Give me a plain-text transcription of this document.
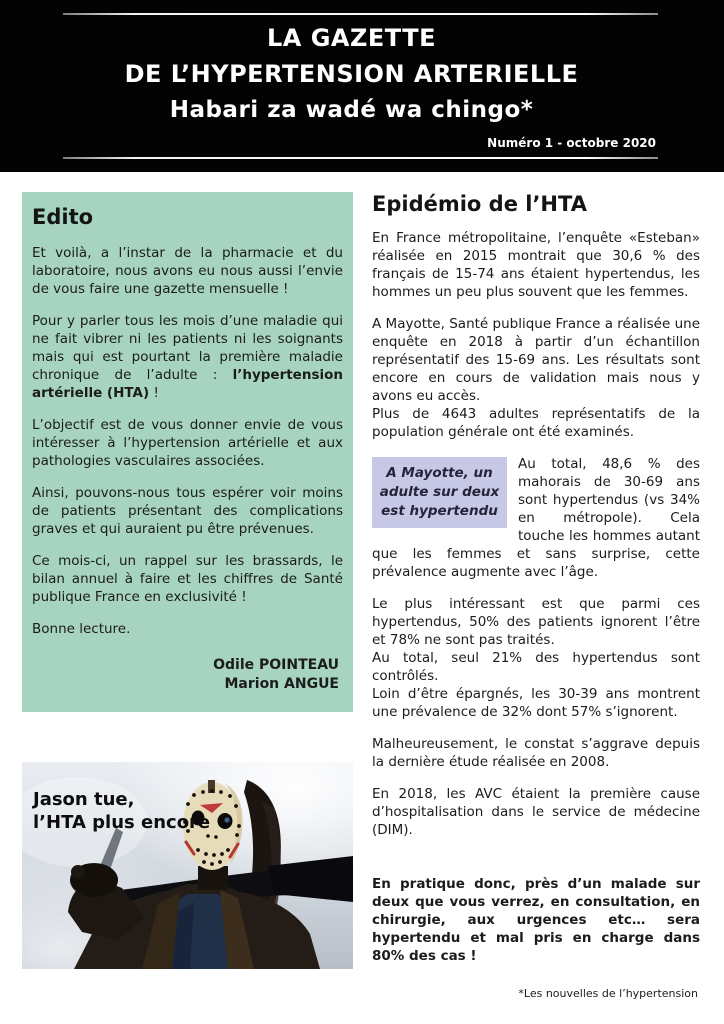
LA GAZETTE
DE L’HYPERTENSION ARTERIELLE
Habari za wadé wa chingo*
Numéro 1 - octobre 2020
Edito

Et voilà, a l’instar de la pharmacie et du laboratoire, nous avons eu nous aussi l’envie de vous faire une gazette mensuelle !

Pour y parler tous les mois d’une maladie qui ne fait vibrer ni les patients ni les soignants mais qui est pourtant la première maladie chronique de l’adulte : l’hypertension artérielle (HTA) !

L’objectif est de vous donner envie de vous intéresser à l’hypertension artérielle et aux pathologies vasculaires associées.

Ainsi, pouvons-nous tous espérer voir moins de patients présentant des complications graves et qui auraient pu être prévenues.

Ce mois-ci, un rappel sur les brassards, le bilan annuel à faire et les chiffres de Santé publique France en exclusivité !

Bonne lecture.

Odile POINTEAU
Marion ANGUE
Jason tue,
l’HTA plus encore
Epidémio de l’HTA

En France métropolitaine, l’enquête «Esteban» réalisée en 2015 montrait que 30,6 % des français de 15-74 ans étaient hypertendus, les hommes un peu plus souvent que les femmes.

A Mayotte, Santé publique France a réalisée une enquête en 2018 à partir d’un échantillon représentatif des 15-69 ans. Les résultats sont encore en cours de validation mais nous y avons eu accès.

Plus de 4643 adultes représentatifs de la population générale ont été examinés.

A Mayotte, un adulte sur deux est hypertendu

Au total, 48,6 % des mahorais de 30-69 ans sont hypertendus (vs 34% en métropole). Cela touche les hommes autant que les femmes et sans surprise, cette prévalence augmente avec l’âge.

Le plus intéressant est que parmi ces hypertendus, 50% des patients ignorent l’être et 78% ne sont pas traités.

Au total, seul 21% des hypertendus sont contrôlés.

Loin d’être épargnés, les 30-39 ans montrent une prévalence de 32% dont 57% s’ignorent.

Malheureusement, le constat s’aggrave depuis la dernière étude réalisée en 2008.

En 2018, les AVC étaient la première cause d’hospitalisation dans le service de médecine (DIM).

En pratique donc, près d’un malade sur deux que vous verrez, en consultation, en chirurgie, aux urgences etc… sera hypertendu et mal pris en charge dans 80% des cas !

*Les nouvelles de l’hypertension
